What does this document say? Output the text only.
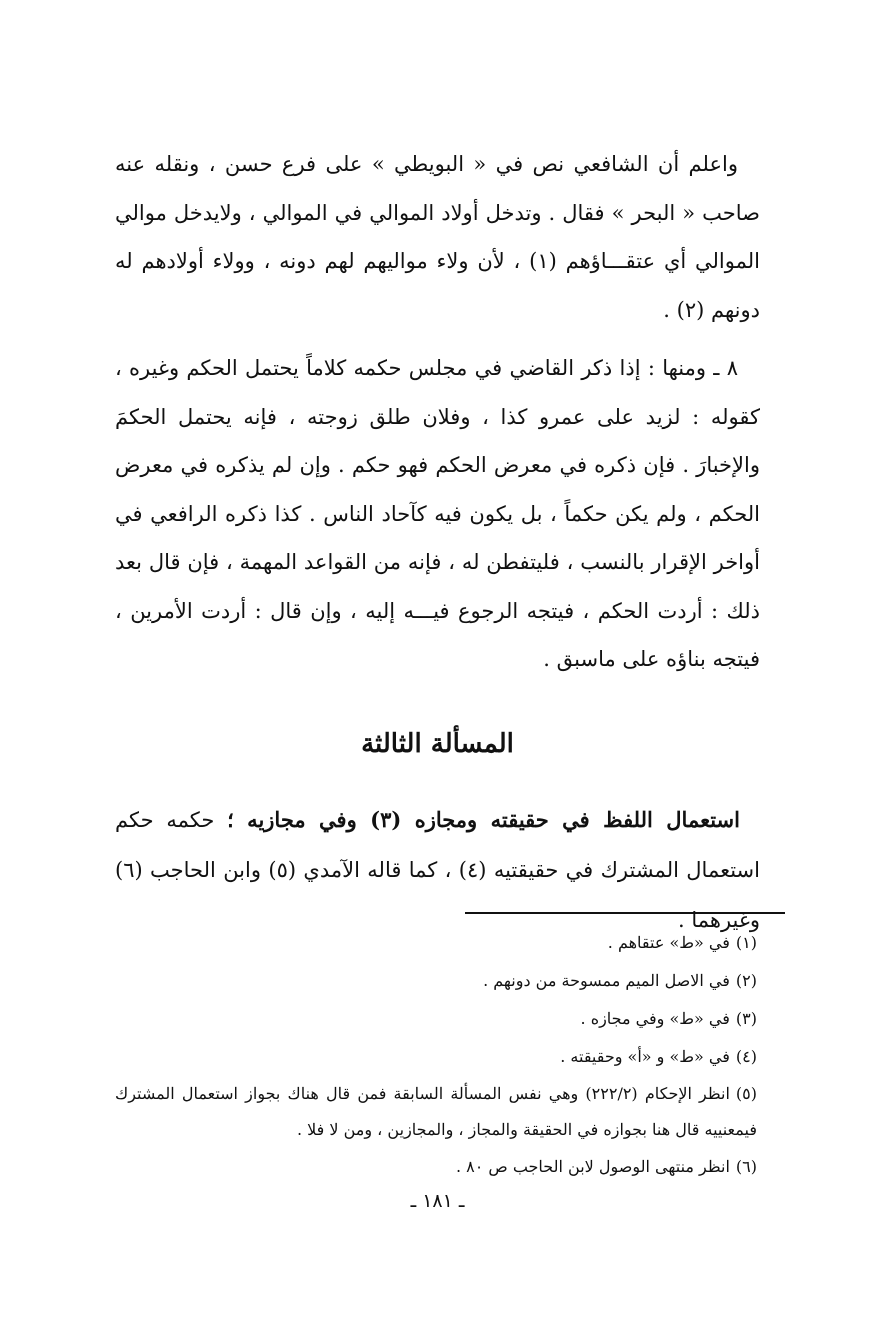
واعلم أن الشافعي نص في « البويطي » على فرع حسن ، ونقله عنه صاحب « البحر » فقال . وتدخل أولاد الموالي في الموالي ، ولايدخل موالي الموالي أي عتقـــاؤهم (١) ، لأن ولاء مواليهم لهم دونه ، وولاء أولادهم له دونهم (٢) .

٨ ـ ومنها : إذا ذكر القاضي في مجلس حكمه كلاماً يحتمل الحكم وغيره ، كقوله : لزيد على عمرو كذا ، وفلان طلق زوجته ، فإنه يحتمل الحكمَ والإخبارَ . فإن ذكره في معرض الحكم فهو حكم . وإن لم يذكره في معرض الحكم ، ولم يكن حكماً ، بل يكون فيه كآحاد الناس . كذا ذكره الرافعي في أواخر الإقرار بالنسب ، فليتفطن له ، فإنه من القواعد المهمة ، فإن قال بعد ذلك : أردت الحكم ، فيتجه الرجوع فيـــه إليه ، وإن قال : أردت الأمرين ، فيتجه بناؤه على ماسبق .

المسألة الثالثة

استعمال اللفظ في حقيقته ومجازه (٣) وفي مجازيه ؛ حكمه حكم استعمال المشترك في حقيقتيه (٤) ، كما قاله الآمدي (٥) وابن الحاجب (٦) وغيرهما .

(١)في «ط» عتقاهم .

(٢)في الاصل الميم ممسوحة من دونهم .

(٣)في «ط» وفي مجازه .

(٤)في «ط» و «أ» وحقيقته .

(٥)انظر الإحكام (٢٢٢/٢) وهي نفس المسألة السابقة فمن قال هناك بجواز استعمال المشترك فيمعنييه قال هنا بجوازه في الحقيقة والمجاز ، والمجازين ، ومن لا فلا .

(٦)انظر منتهى الوصول لابن الحاجب ص ٨٠ .

ـ ١٨١ ـ
